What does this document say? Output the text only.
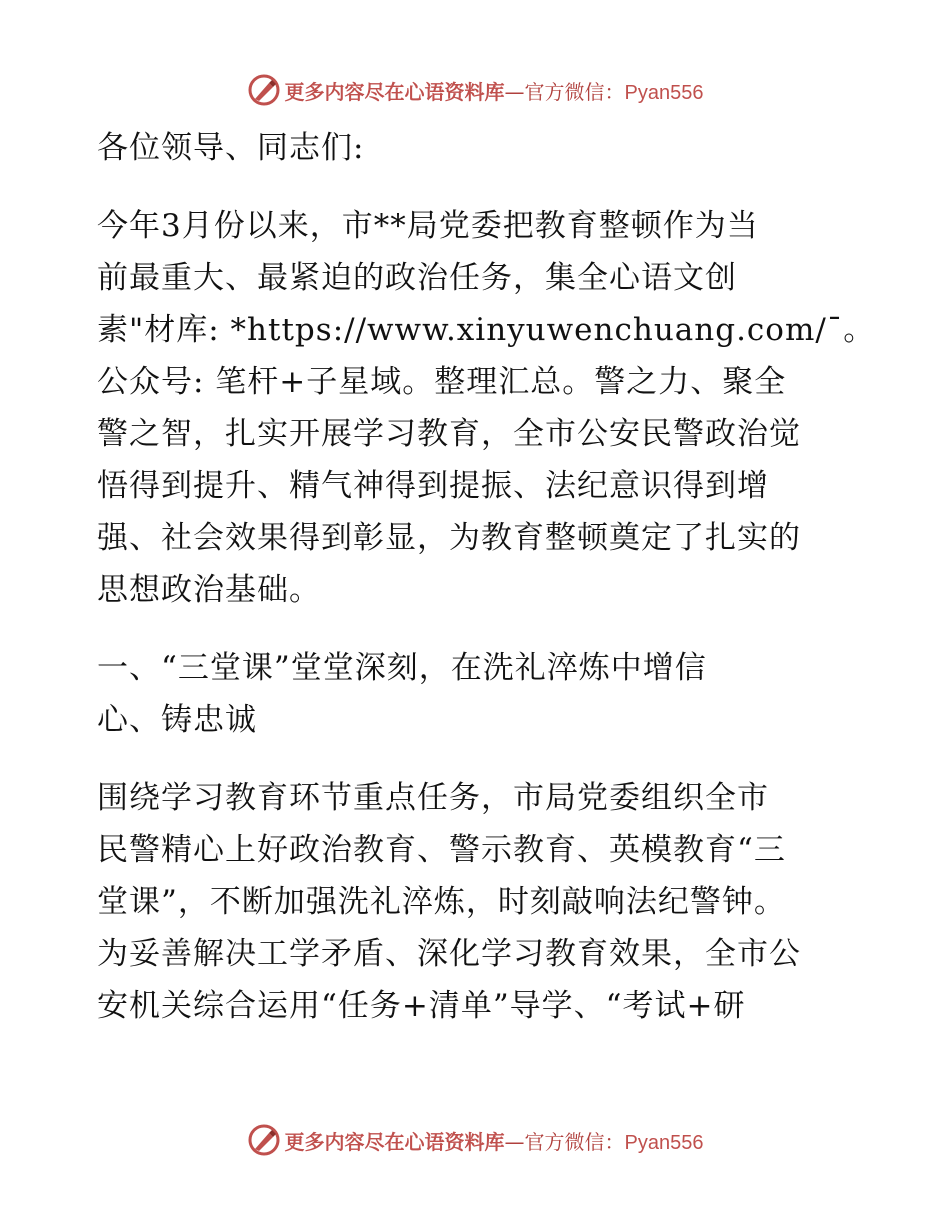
更多内容尽在心语资料库—官方微信：Pyan556
各位领导、同志们:
今年3月份以来，市**局党委把教育整顿作为当
前最重大、最紧迫的政治任务，集全心语文创
素"材库: *https://www.xinyuwenchuang.com/¯。
公众号: 笔杆+子星域。整理汇总。警之力、聚全
警之智，扎实开展学习教育，全市公安民警政治觉
悟得到提升、精气神得到提振、法纪意识得到增
强、社会效果得到彰显，为教育整顿奠定了扎实的
思想政治基础。
一、“三堂课”堂堂深刻，在洗礼淬炼中增信
心、铸忠诚
围绕学习教育环节重点任务，市局党委组织全市
民警精心上好政治教育、警示教育、英模教育“三
堂课”，不断加强洗礼淬炼，时刻敲响法纪警钟。
为妥善解决工学矛盾、深化学习教育效果，全市公
安机关综合运用“任务+清单”导学、“考试+研
更多内容尽在心语资料库—官方微信：Pyan556
